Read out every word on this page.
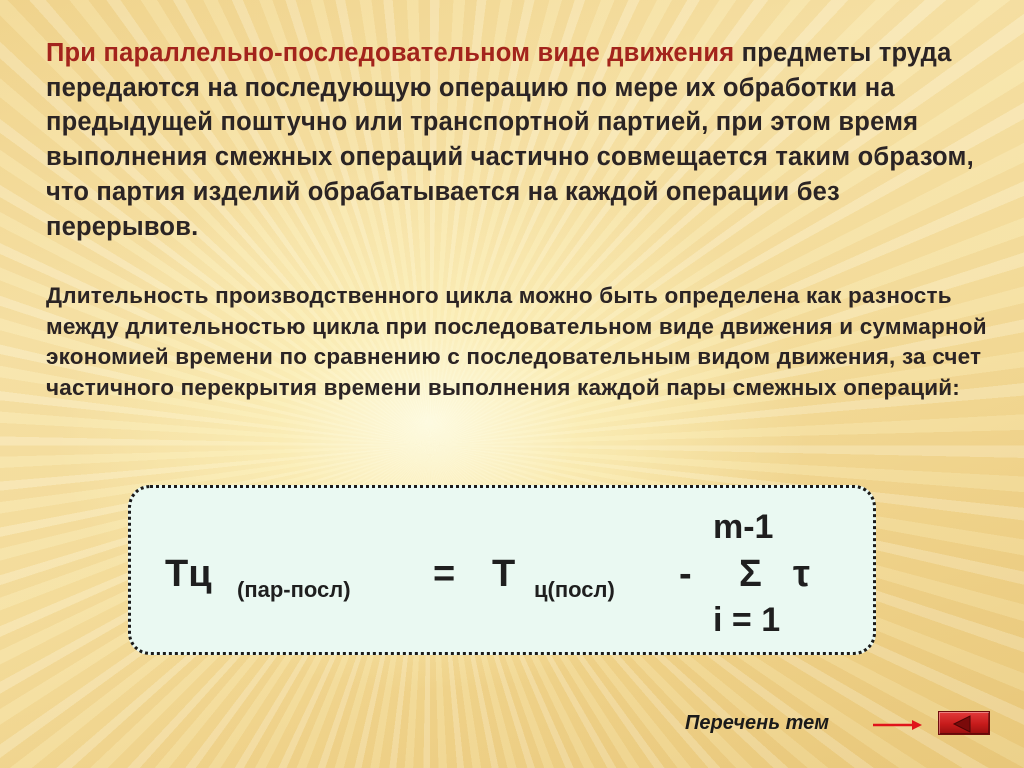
При параллельно-последовательном виде движения предметы труда передаются на последующую операцию по мере их обработки на предыдущей поштучно или транспортной партией, при этом время выполнения смежных операций частично совмещается таким образом, что партия изделий обрабатывается на каждой операции без перерывов.

Длительность производственного цикла можно быть определена как разность между длительностью цикла при последовательном виде движения и суммарной экономией времени по сравнению с последовательным видом движения, за счет частичного перекрытия времени выполнения каждой пары смежных операций:

Тц (пар-посл) = Т ц(посл) -
m-1
Σ τ
i = 1
Перечень тем
